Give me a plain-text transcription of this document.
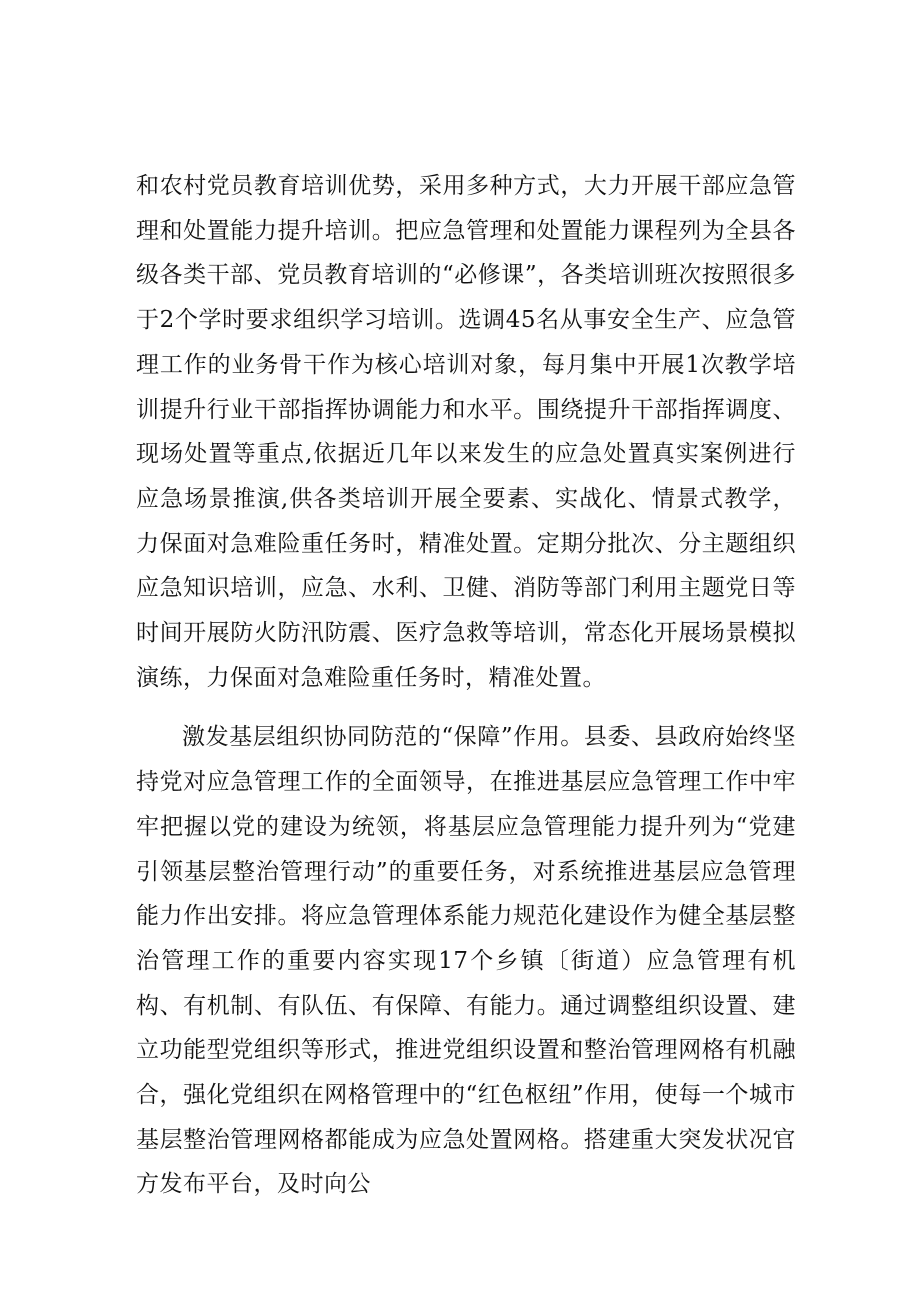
和农村党员教育培训优势，采用多种方式，大力开展干部应急管理和处置能力提升培训。把应急管理和处置能力课程列为全县各级各类干部、党员教育培训的“必修课”，各类培训班次按照很多于2个学时要求组织学习培训。选调45名从事安全生产、应急管理工作的业务骨干作为核心培训对象，每月集中开展1次教学培训提升行业干部指挥协调能力和水平。围绕提升干部指挥调度、现场处置等重点,依据近几年以来发生的应急处置真实案例进行应急场景推演,供各类培训开展全要素、实战化、情景式教学，力保面对急难险重任务时，精准处置。定期分批次、分主题组织应急知识培训，应急、水利、卫健、消防等部门利用主题党日等时间开展防火防汛防震、医疗急救等培训，常态化开展场景模拟演练，力保面对急难险重任务时，精准处置。

激发基层组织协同防范的“保障”作用。县委、县政府始终坚持党对应急管理工作的全面领导，在推进基层应急管理工作中牢牢把握以党的建设为统领，将基层应急管理能力提升列为“党建引领基层整治管理行动”的重要任务，对系统推进基层应急管理能力作出安排。将应急管理体系能力规范化建设作为健全基层整治管理工作的重要内容实现17个乡镇〔街道）应急管理有机构、有机制、有队伍、有保障、有能力。通过调整组织设置、建立功能型党组织等形式，推进党组织设置和整治管理网格有机融合，强化党组织在网格管理中的“红色枢纽”作用，使每一个城市基层整治管理网格都能成为应急处置网格。搭建重大突发状况官方发布平台，及时向公
